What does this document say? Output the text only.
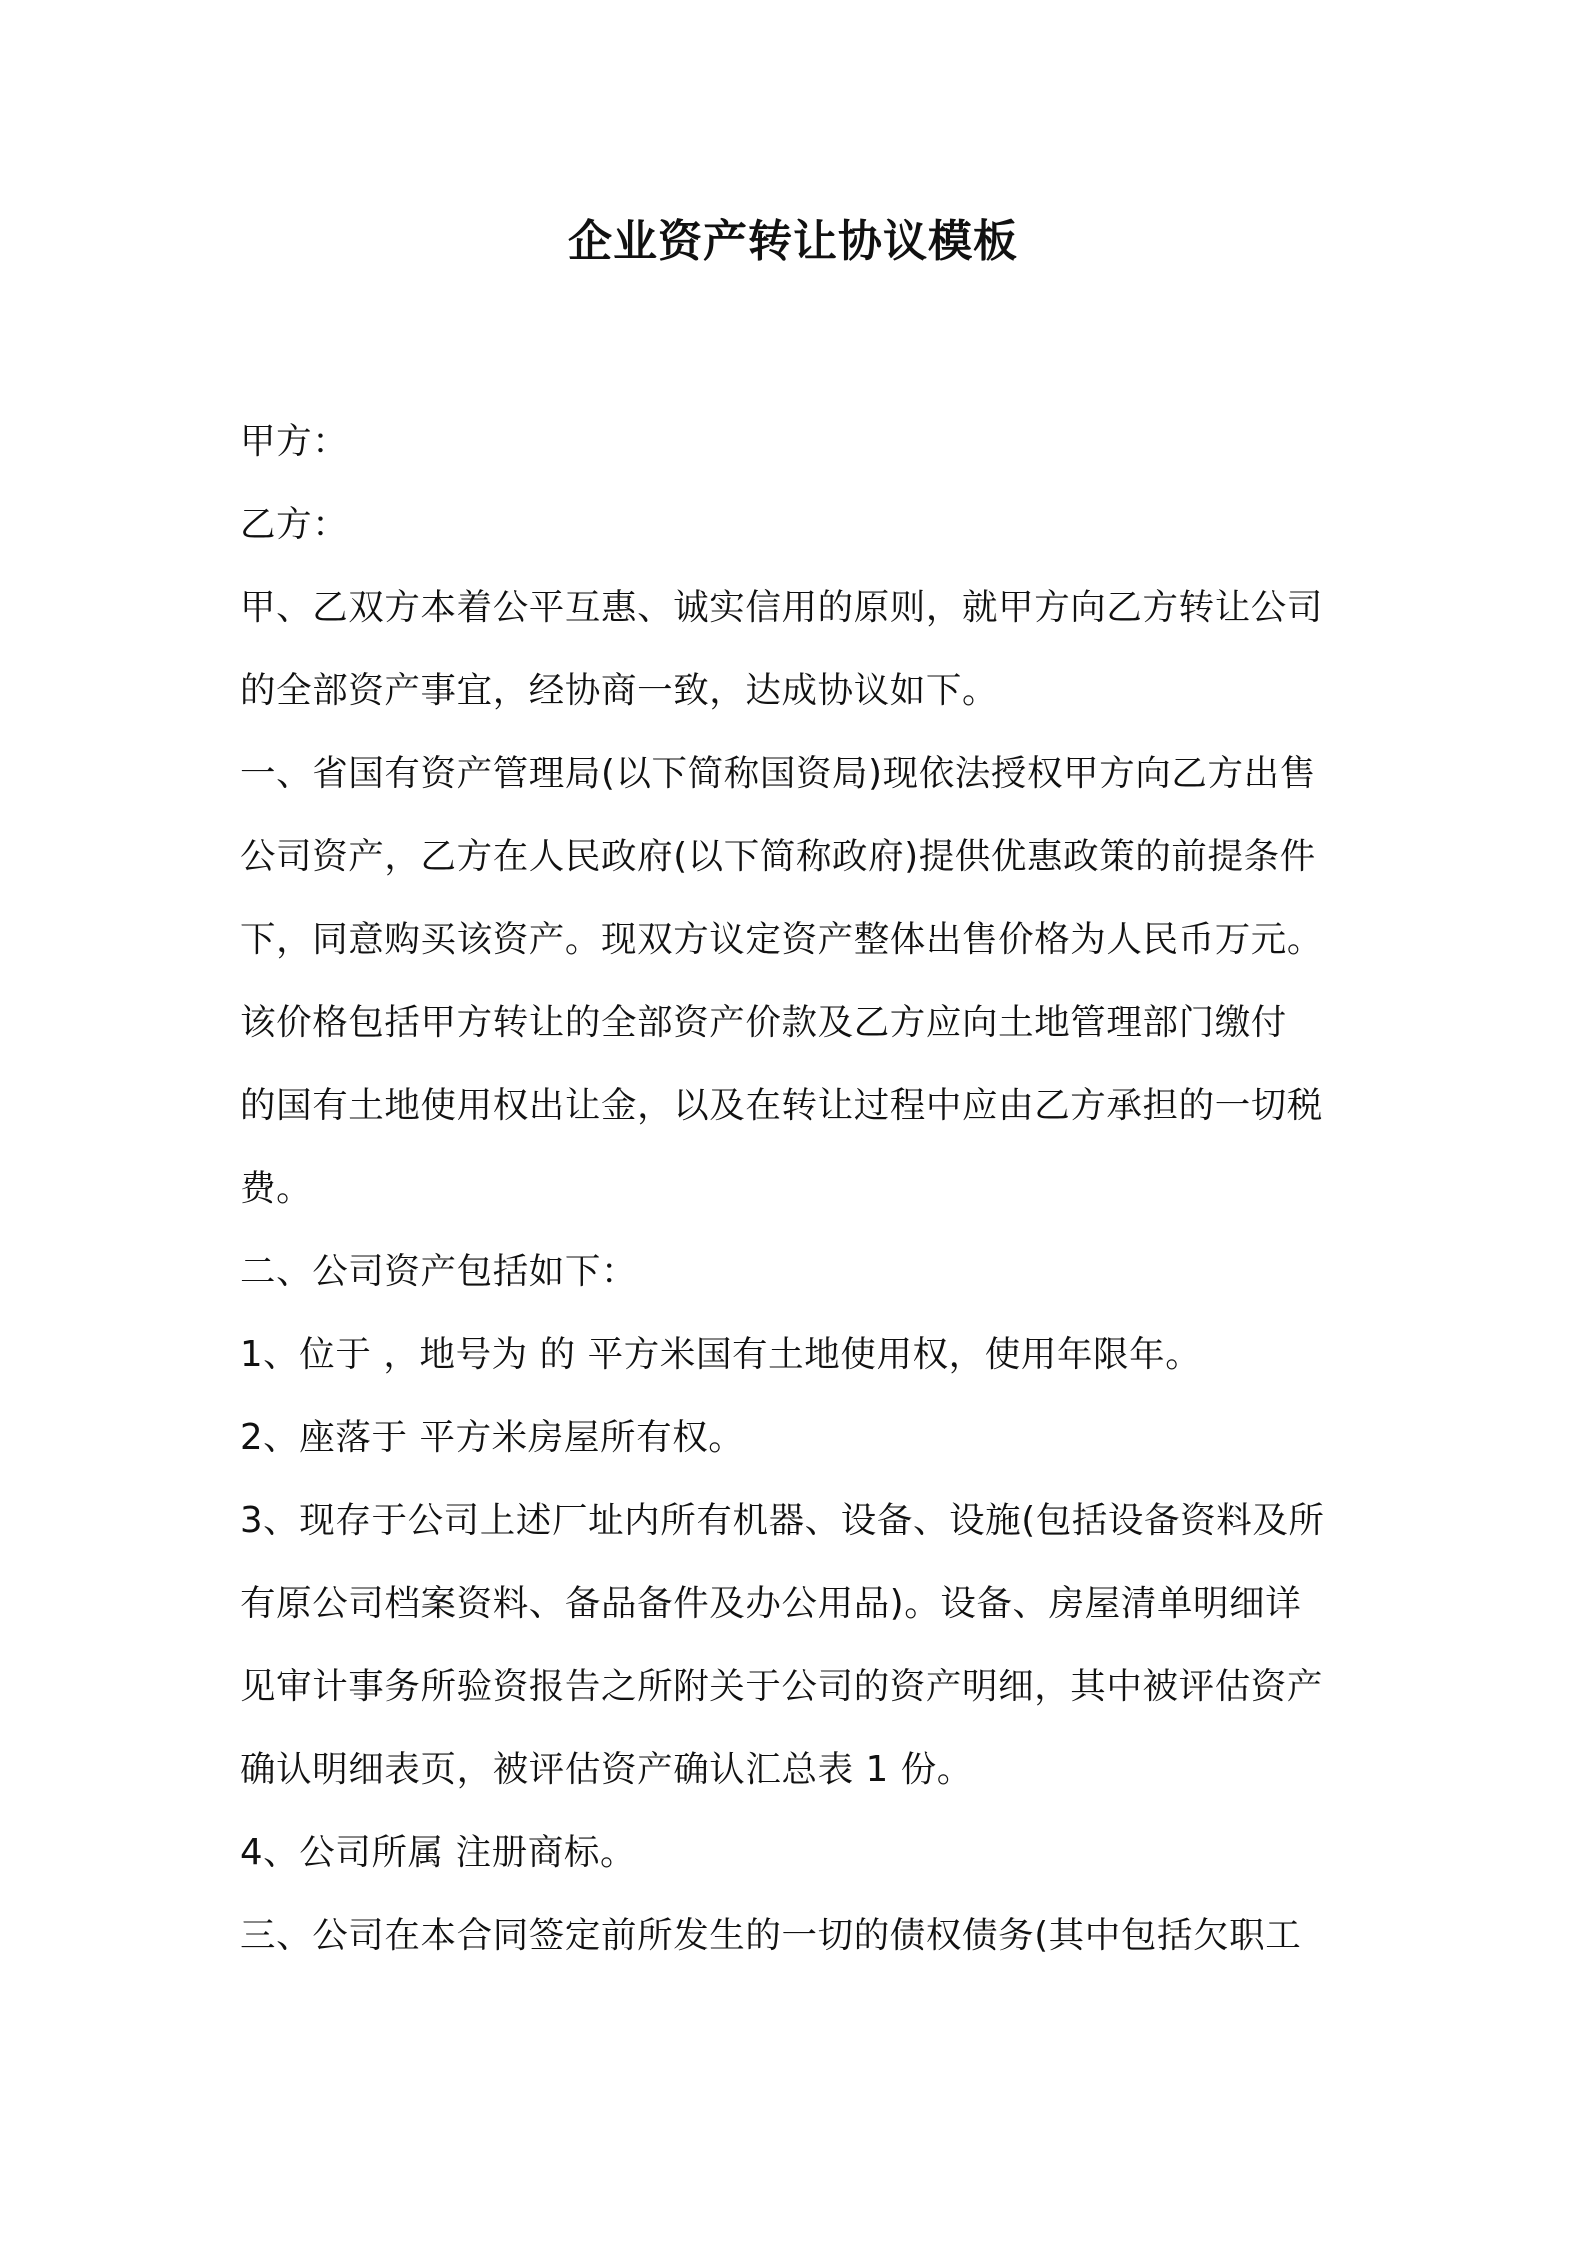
企业资产转让协议模板

甲方：

乙方：

甲、乙双方本着公平互惠、诚实信用的原则，就甲方向乙方转让公司

的全部资产事宜，经协商一致，达成协议如下。

一、省国有资产管理局(以下简称国资局)现依法授权甲方向乙方出售

公司资产，乙方在人民政府(以下简称政府)提供优惠政策的前提条件

下，同意购买该资产。现双方议定资产整体出售价格为人民币万元。

该价格包括甲方转让的全部资产价款及乙方应向土地管理部门缴付

的国有土地使用权出让金，以及在转让过程中应由乙方承担的一切税

费。

二、公司资产包括如下：

1、位于 ，地号为 的 平方米国有土地使用权，使用年限年。

2、座落于 平方米房屋所有权。

3、现存于公司上述厂址内所有机器、设备、设施(包括设备资料及所

有原公司档案资料、备品备件及办公用品)。设备、房屋清单明细详

见审计事务所验资报告之所附关于公司的资产明细，其中被评估资产

确认明细表页，被评估资产确认汇总表 1 份。

4、公司所属 注册商标。

三、公司在本合同签定前所发生的一切的债权债务(其中包括欠职工
